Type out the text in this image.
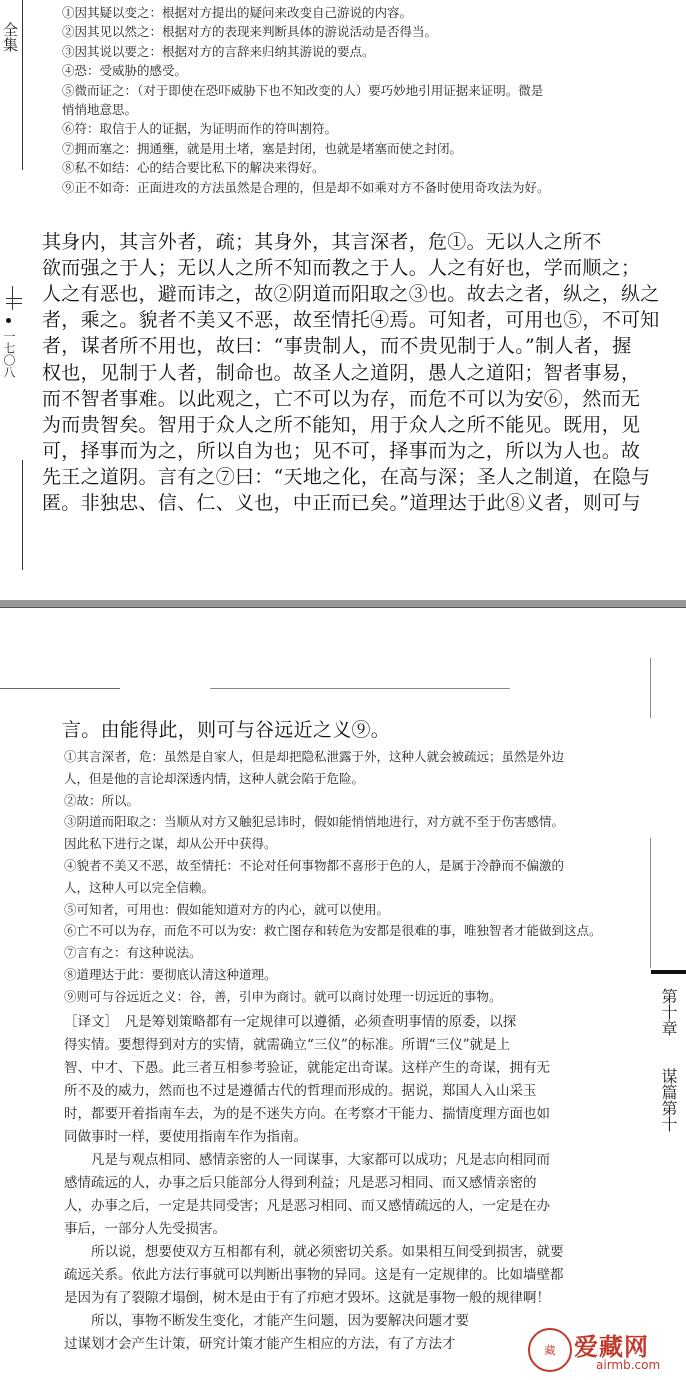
全集
一七〇八
①因其疑以变之：根据对方提出的疑问来改变自己游说的内容。
②因其见以然之：根据对方的表现来判断具体的游说活动是否得当。
③因其说以要之：根据对方的言辞来归纳其游说的要点。
④恐：受威胁的感受。
⑤微而证之：（对于即使在恐吓威胁下也不知改变的人）要巧妙地引用证据来证明。微是
悄悄地意思。
⑥符：取信于人的证据，为证明而作的符叫割符。
⑦拥而塞之：拥通壅，就是用土堵，塞是封闭，也就是堵塞而使之封闭。
⑧私不如结：心的结合要比私下的解决来得好。
⑨正不如奇：正面进攻的方法虽然是合理的，但是却不如乘对方不备时使用奇攻法为好。
其身内，其言外者，疏；其身外，其言深者，危①。无以人之所不
欲而强之于人；无以人之所不知而教之于人。人之有好也，学而顺之；
人之有恶也，避而讳之，故②阴道而阳取之③也。故去之者，纵之，纵之
者，乘之。貌者不美又不恶，故至情托④焉。可知者，可用也⑤，不可知
者，谋者所不用也，故曰：“事贵制人，而不贵见制于人。”制人者，握
权也，见制于人者，制命也。故圣人之道阴，愚人之道阳；智者事易，
而不智者事难。以此观之，亡不可以为存，而危不可以为安⑥，然而无
为而贵智矣。智用于众人之所不能知，用于众人之所不能见。既用，见
可，择事而为之，所以自为也；见不可，择事而为之，所以为人也。故
先王之道阴。言有之⑦曰：“天地之化，在高与深；圣人之制道，在隐与
匿。非独忠、信、仁、义也，中正而已矣。”道理达于此⑧义者，则可与
言。由能得此，则可与谷远近之义⑨。
①其言深者，危：虽然是自家人，但是却把隐私泄露于外，这种人就会被疏远；虽然是外边
人，但是他的言论却深透内情，这种人就会陷于危险。
②故：所以。
③阴道而阳取之：当顺从对方又触犯忌讳时，假如能悄悄地进行，对方就不至于伤害感情。
因此私下进行之谋，却从公开中获得。
④貌者不美又不恶，故至情托：不论对任何事物都不喜形于色的人，是属于冷静而不偏激的
人，这种人可以完全信赖。
⑤可知者，可用也：假如能知道对方的内心，就可以使用。
⑥亡不可以为存，而危不可以为安：救亡图存和转危为安都是很难的事，唯独智者才能做到这点。
⑦言有之：有这种说法。
⑧道理达于此：要彻底认清这种道理。
⑨则可与谷远近之义：谷，善，引申为商讨。就可以商讨处理一切远近的事物。
［译文］　凡是筹划策略都有一定规律可以遵循，必须查明事情的原委，以探
得实情。要想得到对方的实情，就需确立“三仪”的标准。所谓“三仪”就是上
智、中才、下愚。此三者互相参考验证，就能定出奇谋。这样产生的奇谋，拥有无
所不及的威力，然而也不过是遵循古代的哲理而形成的。据说，郑国人入山采玉
时，都要开着指南车去，为的是不迷失方向。在考察才干能力、揣情度理方面也如
同做事时一样，要使用指南车作为指南。
　　凡是与观点相同、感情亲密的人一同谋事，大家都可以成功；凡是志向相同而
感情疏远的人，办事之后只能部分人得到利益；凡是恶习相同、而又感情亲密的
人，办事之后，一定是共同受害；凡是恶习相同、而又感情疏远的人，一定是在办
事后，一部分人先受损害。
　　所以说，想要使双方互相都有利，就必须密切关系。如果相互间受到损害，就要
疏远关系。依此方法行事就可以判断出事物的异同。这是有一定规律的。比如墙壁都
是因为有了裂隙才塌倒，树木是由于有了疖疤才毁坏。这就是事物一般的规律啊！
　　所以，事物不断发生变化，才能产生问题，因为要解决问题才要
过谋划才会产生计策，研究计策才能产生相应的方法，有了方法才
第十章
谋篇第十
藏 爱藏网
airmb.com
